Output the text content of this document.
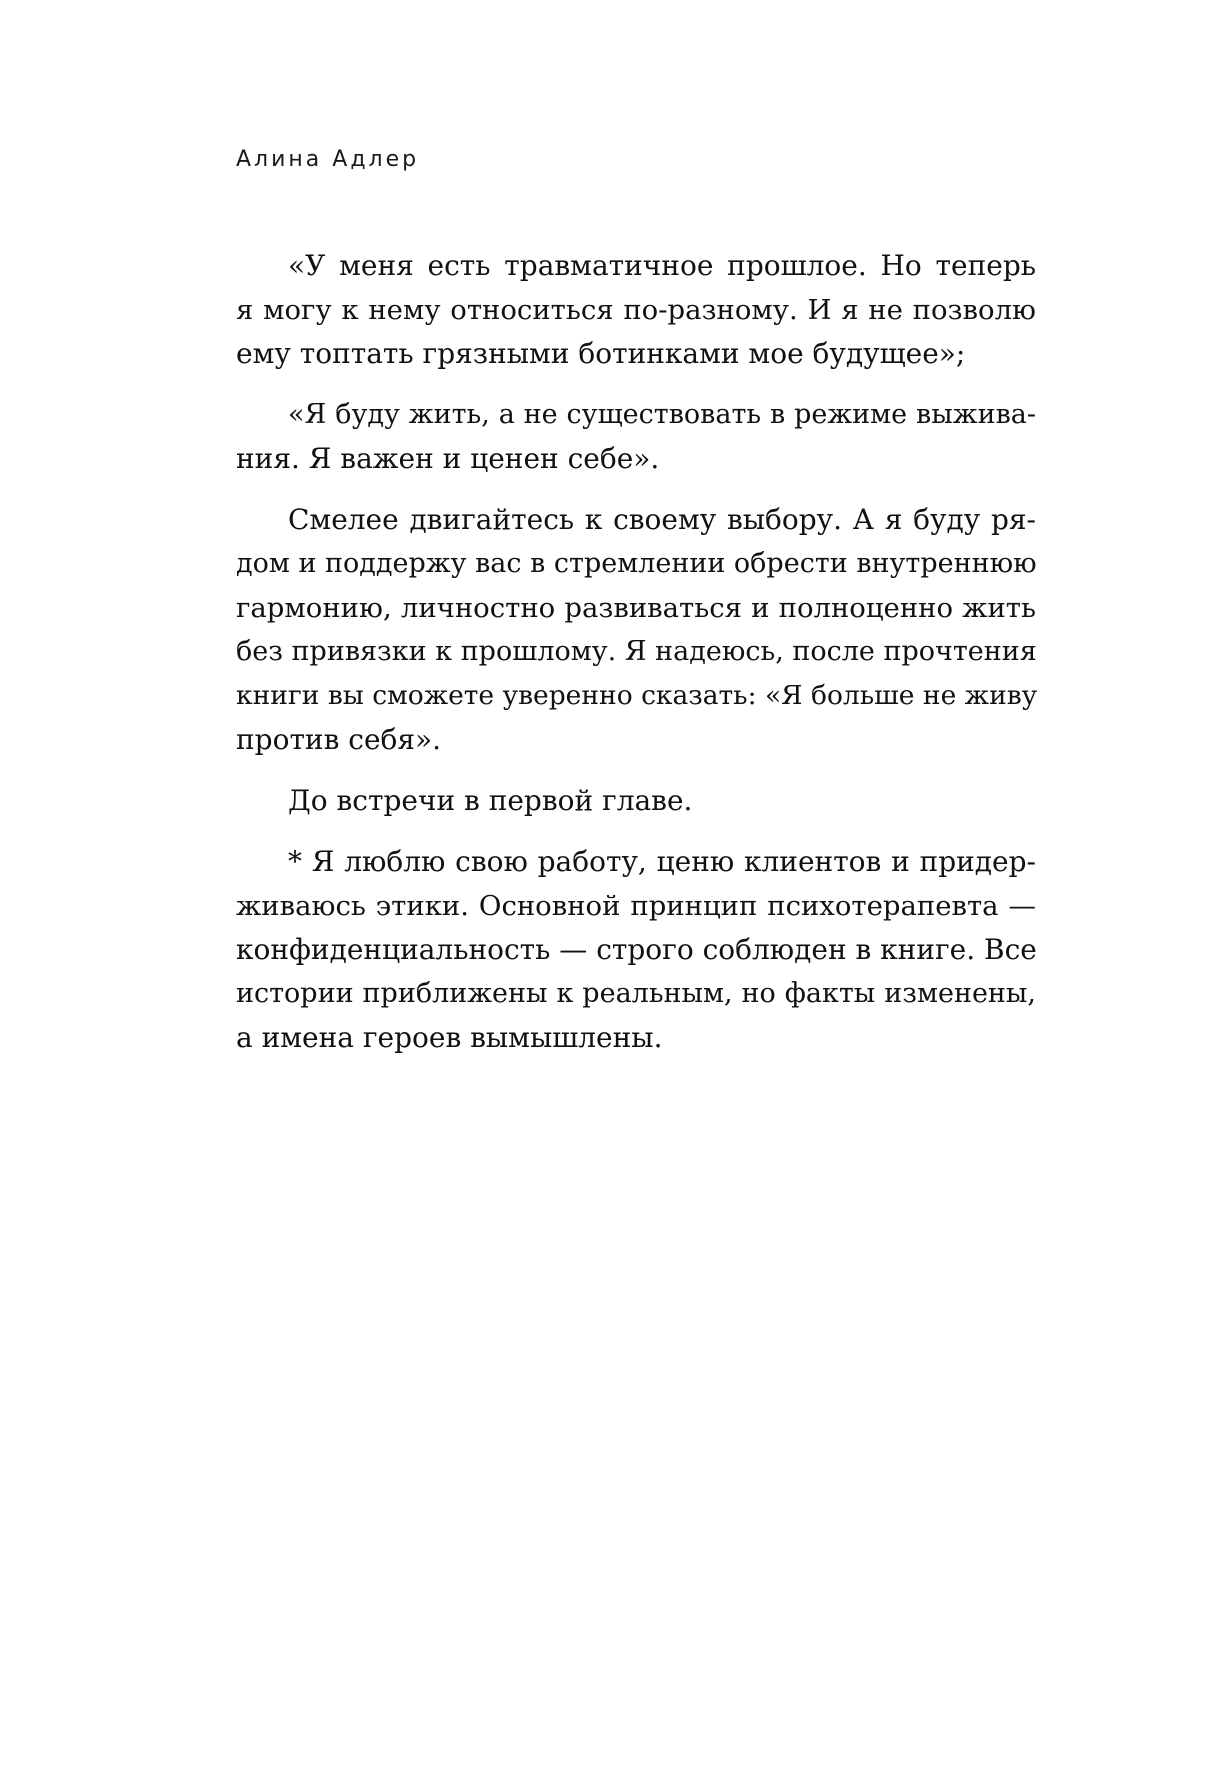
Алина Адлер
«У меня есть травматичное прошлое. Но теперь
я могу к нему относиться по-разному. И я не позволю
ему топтать грязными ботинками мое будущее»;
«Я буду жить, а не существовать в режиме выжива-
ния. Я важен и ценен себе».
Смелее двигайтесь к своему выбору. А я буду ря-
дом и поддержу вас в стремлении обрести внутреннюю
гармонию, личностно развиваться и полноценно жить
без привязки к прошлому. Я надеюсь, после прочтения
книги вы сможете уверенно сказать: «Я больше не живу
против себя».
До встречи в первой главе.
* Я люблю свою работу, ценю клиентов и придер-
живаюсь этики. Основной принцип психотерапевта —
конфиденциальность — строго соблюден в книге. Все
истории приближены к реальным, но факты изменены,
а имена героев вымышлены.
